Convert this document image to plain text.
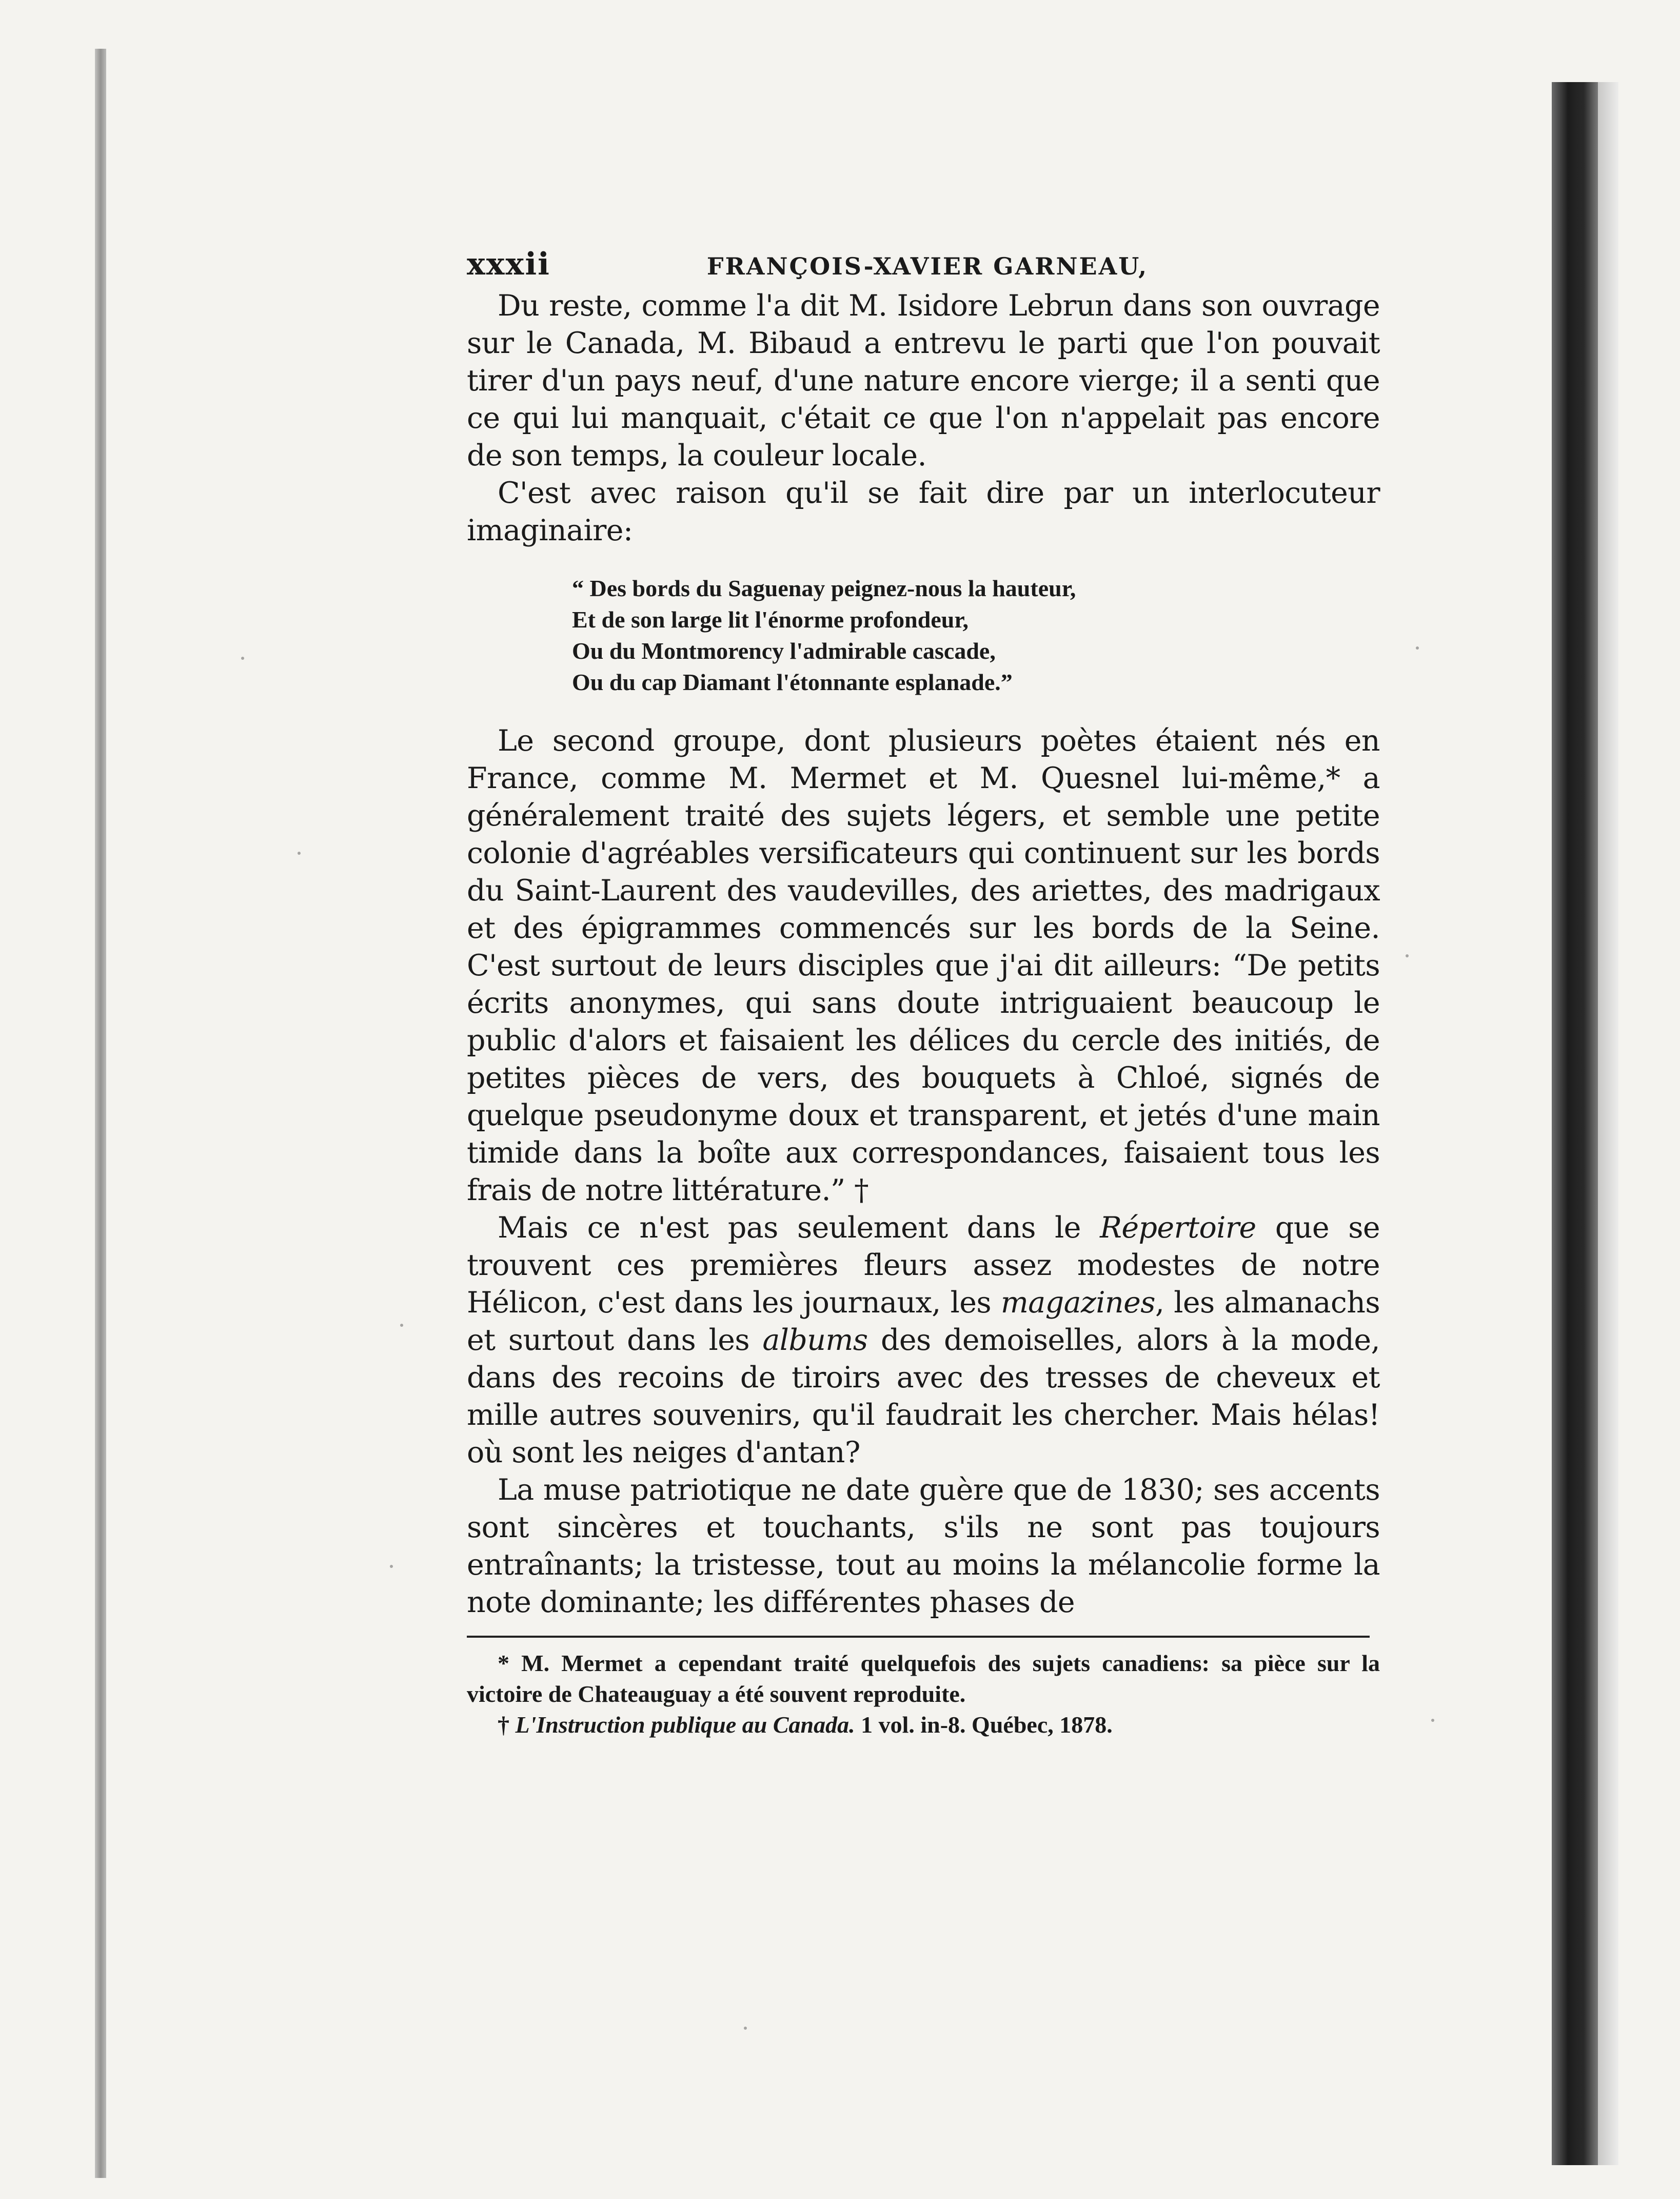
xxxii	FRANÇOIS-XAVIER GARNEAU,

Du reste, comme l'a dit M. Isidore Lebrun dans son ouvrage sur le Canada, M. Bibaud a entrevu le parti que l'on pouvait tirer d'un pays neuf, d'une nature encore vierge; il a senti que ce qui lui manquait, c'était ce que l'on n'appelait pas encore de son temps, la couleur locale.

C'est avec raison qu'il se fait dire par un interlocuteur imaginaire:

“ Des bords du Saguenay peignez-nous la hauteur,
Et de son large lit l'énorme profondeur,
Ou du Montmorency l'admirable cascade,
Ou du cap Diamant l'étonnante esplanade.”

Le second groupe, dont plusieurs poètes étaient nés en France, comme M. Mermet et M. Quesnel lui-même,* a généralement traité des sujets légers, et semble une petite colonie d'agréables versificateurs qui continuent sur les bords du Saint-Laurent des vaudevilles, des ariettes, des madrigaux et des épigrammes commencés sur les bords de la Seine. C'est surtout de leurs disciples que j'ai dit ailleurs: “De petits écrits anonymes, qui sans doute intriguaient beaucoup le public d'alors et faisaient les délices du cercle des initiés, de petites pièces de vers, des bouquets à Chloé, signés de quelque pseudonyme doux et transparent, et jetés d'une main timide dans la boîte aux correspondances, faisaient tous les frais de notre littérature.” †

Mais ce n'est pas seulement dans le Répertoire que se trouvent ces premières fleurs assez modestes de notre Hélicon, c'est dans les journaux, les magazines, les almanachs et surtout dans les albums des demoiselles, alors à la mode, dans des recoins de tiroirs avec des tresses de cheveux et mille autres souvenirs, qu'il faudrait les chercher. Mais hélas! où sont les neiges d'antan?

La muse patriotique ne date guère que de 1830; ses accents sont sincères et touchants, s'ils ne sont pas toujours entraînants; la tristesse, tout au moins la mélancolie forme la note dominante; les différentes phases de

* M. Mermet a cependant traité quelquefois des sujets canadiens: sa pièce sur la victoire de Chateauguay a été souvent reproduite.
† L'Instruction publique au Canada. 1 vol. in-8. Québec, 1878.
